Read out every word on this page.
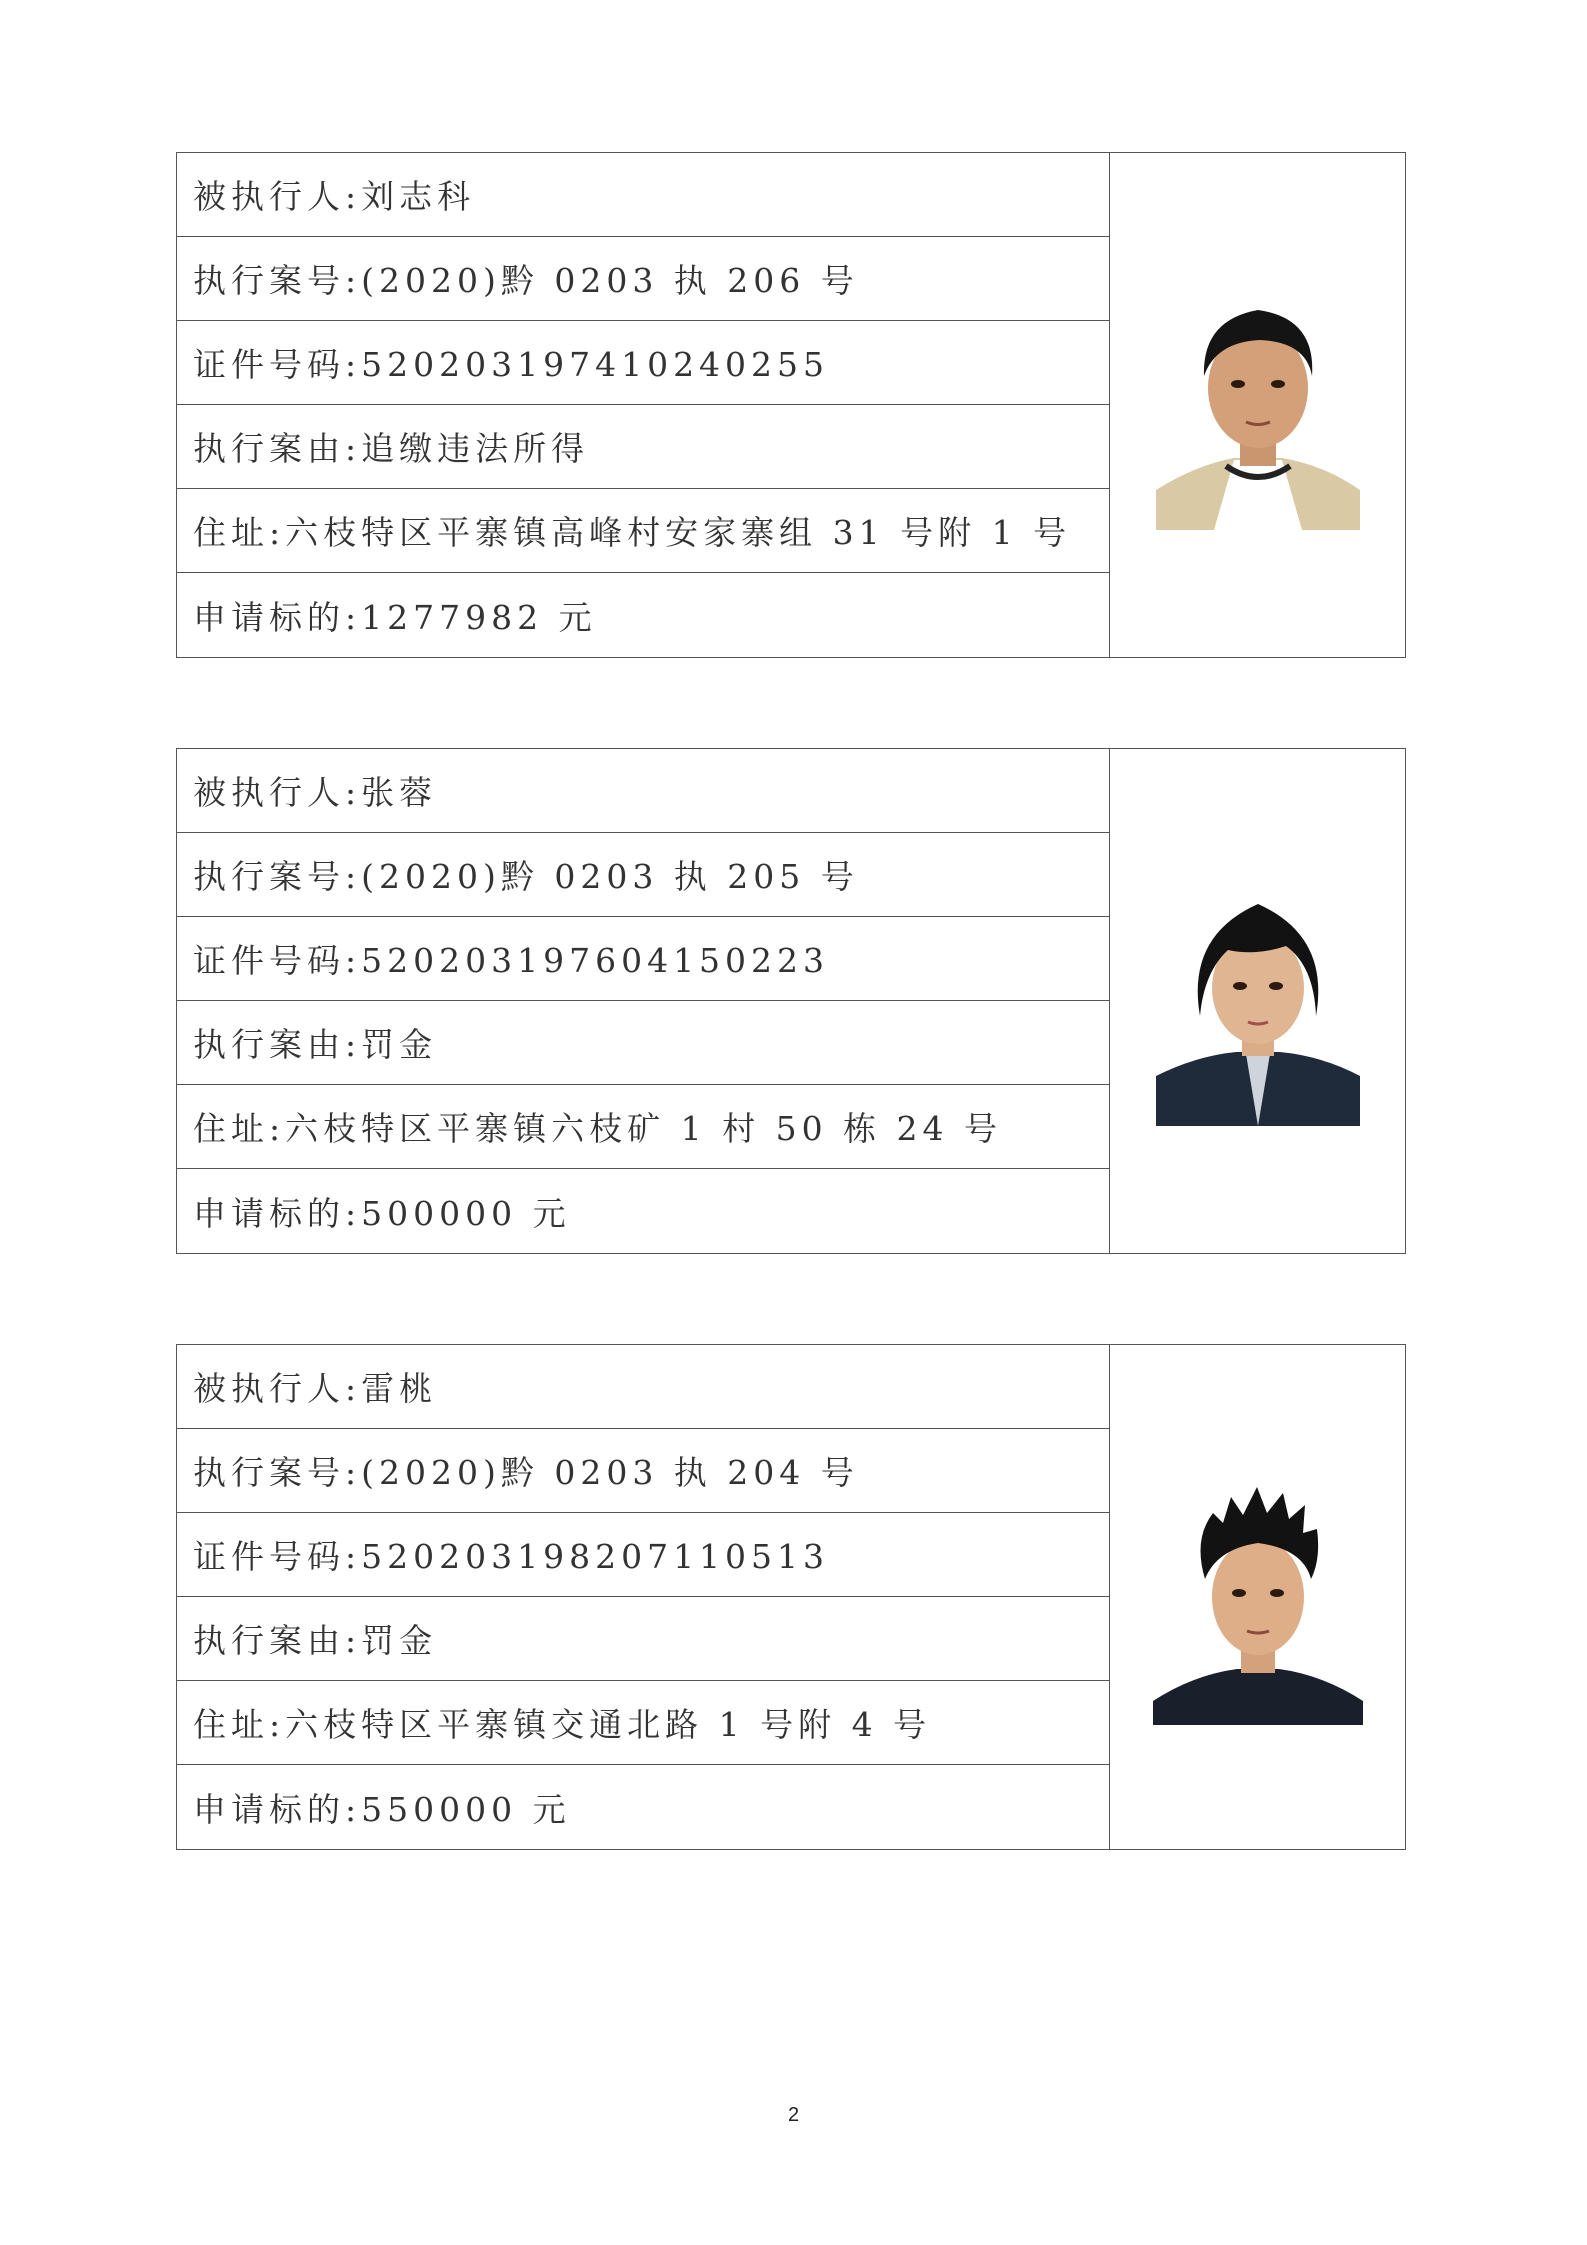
被执行人:刘志科
执行案号:(2020)黔 0203 执 206 号
证件号码:520203197410240255
执行案由:追缴违法所得
住址:六枝特区平寨镇高峰村安家寨组 31 号附 1 号
申请标的:1277982 元
被执行人:张蓉
执行案号:(2020)黔 0203 执 205 号
证件号码:520203197604150223
执行案由:罚金
住址:六枝特区平寨镇六枝矿 1 村 50 栋 24 号
申请标的:500000 元
被执行人:雷桃
执行案号:(2020)黔 0203 执 204 号
证件号码:520203198207110513
执行案由:罚金
住址:六枝特区平寨镇交通北路 1 号附 4 号
申请标的:550000 元
2
